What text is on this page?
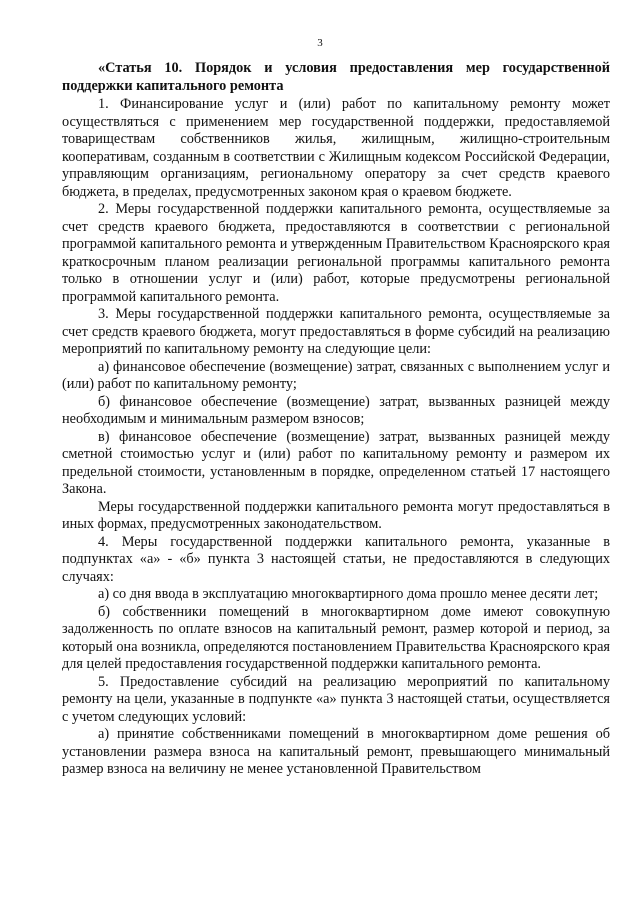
3

«Статья 10. Порядок и условия предоставления мер государственной поддержки капитального ремонта

1. Финансирование услуг и (или) работ по капитальному ремонту может осуществляться с применением мер государственной поддержки, предоставляемой товариществам собственников жилья, жилищным, жилищно-строительным кооперативам, созданным в соответствии с Жилищным кодексом Российской Федерации, управляющим организациям, региональному оператору за счет средств краевого бюджета, в пределах, предусмотренных законом края о краевом бюджете.

2. Меры государственной поддержки капитального ремонта, осуществляемые за счет средств краевого бюджета, предоставляются в соответствии с региональной программой капитального ремонта и утвержденным Правительством Красноярского края краткосрочным планом реализации региональной программы капитального ремонта только в отношении услуг и (или) работ, которые предусмотрены региональной программой капитального ремонта.

3. Меры государственной поддержки капитального ремонта, осуществляемые за счет средств краевого бюджета, могут предоставляться в форме субсидий на реализацию мероприятий по капитальному ремонту на следующие цели:

а) финансовое обеспечение (возмещение) затрат, связанных с выполнением услуг и (или) работ по капитальному ремонту;

б) финансовое обеспечение (возмещение) затрат, вызванных разницей между необходимым и минимальным размером взносов;

в) финансовое обеспечение (возмещение) затрат, вызванных разницей между сметной стоимостью услуг и (или) работ по капитальному ремонту и размером их предельной стоимости, установленным в порядке, определенном статьей 17 настоящего Закона.

Меры государственной поддержки капитального ремонта могут предоставляться в иных формах, предусмотренных законодательством.

4. Меры государственной поддержки капитального ремонта, указанные в подпунктах «а» - «б» пункта 3 настоящей статьи, не предоставляются в следующих случаях:

а) со дня ввода в эксплуатацию многоквартирного дома прошло менее десяти лет;

б) собственники помещений в многоквартирном доме имеют совокупную задолженность по оплате взносов на капитальный ремонт, размер которой и период, за который она возникла, определяются постановлением Правительства Красноярского края для целей предоставления государственной поддержки капитального ремонта.

5. Предоставление субсидий на реализацию мероприятий по капитальному ремонту на цели, указанные в подпункте «а» пункта 3 настоящей статьи, осуществляется с учетом следующих условий:

а) принятие собственниками помещений в многоквартирном доме решения об установлении размера взноса на капитальный ремонт, превышающего минимальный размер взноса на величину не менее установленной Правительством
